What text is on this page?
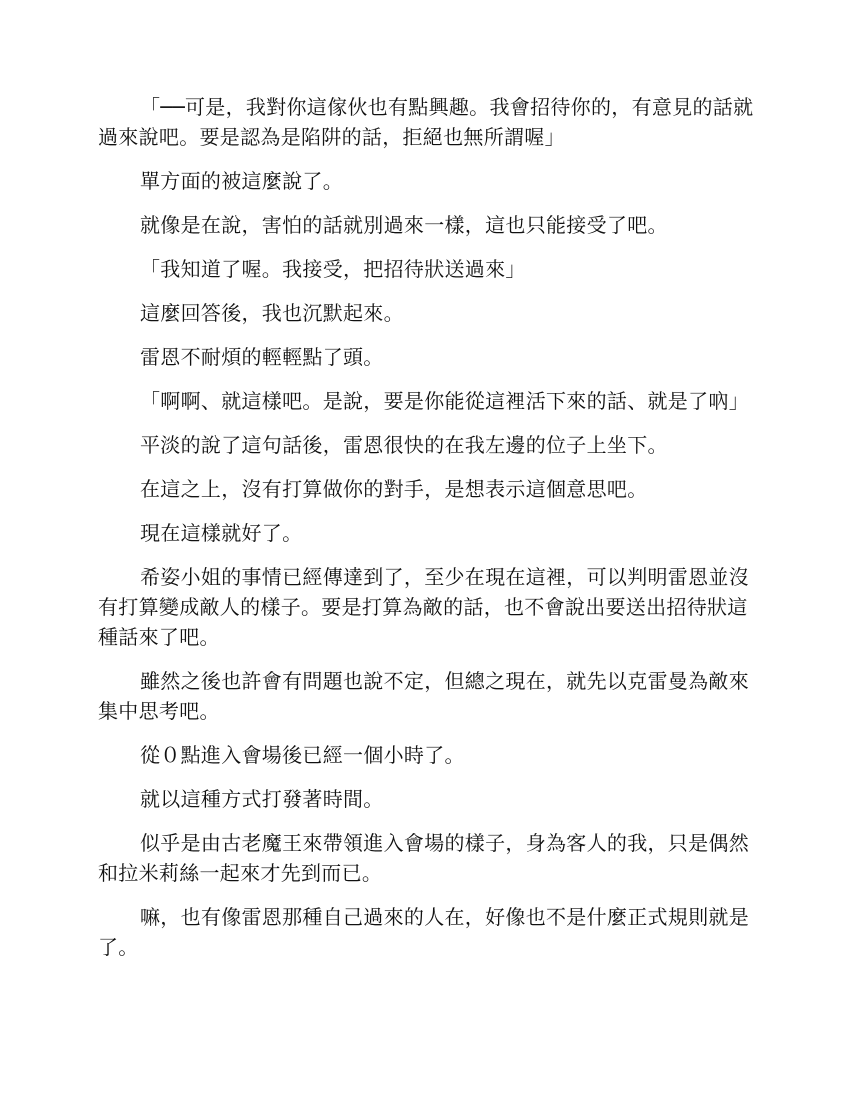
「──可是，我對你這傢伙也有點興趣。我會招待你的，有意見的話就過來說吧。要是認為是陷阱的話，拒絕也無所謂喔」

單方面的被這麼說了。

就像是在說，害怕的話就別過來一樣，這也只能接受了吧。

「我知道了喔。我接受，把招待狀送過來」

這麼回答後，我也沉默起來。

雷恩不耐煩的輕輕點了頭。

「啊啊、就這樣吧。是說，要是你能從這裡活下來的話、就是了吶」

平淡的說了這句話後，雷恩很快的在我左邊的位子上坐下。

在這之上，沒有打算做你的對手，是想表示這個意思吧。

現在這樣就好了。

希姿小姐的事情已經傳達到了，至少在現在這裡，可以判明雷恩並沒有打算變成敵人的樣子。要是打算為敵的話，也不會說出要送出招待狀這種話來了吧。

雖然之後也許會有問題也說不定，但總之現在，就先以克雷曼為敵來集中思考吧。

從０點進入會場後已經一個小時了。

就以這種方式打發著時間。

似乎是由古老魔王來帶領進入會場的樣子，身為客人的我，只是偶然和拉米莉絲一起來才先到而已。

嘛，也有像雷恩那種自己過來的人在，好像也不是什麼正式規則就是了。
